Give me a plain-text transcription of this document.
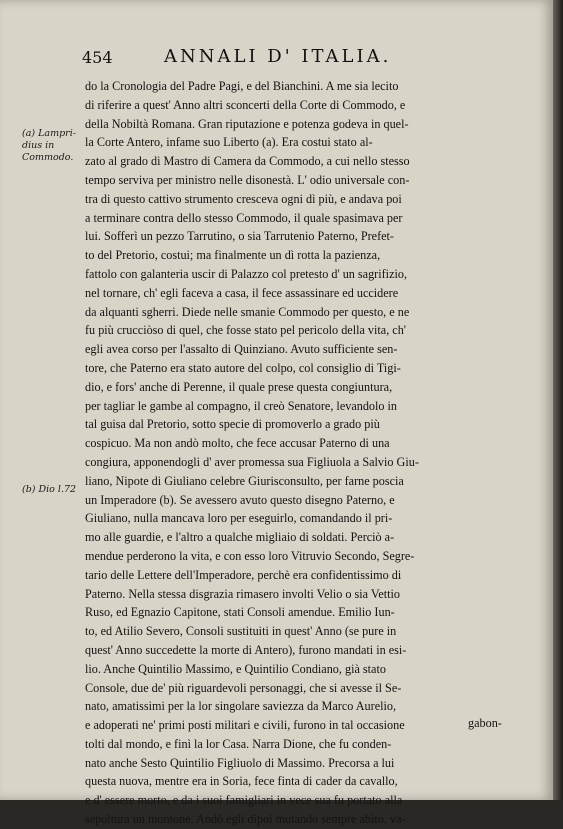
454	ANNALI D' ITALIA.
(a) Lampri-
dius in
Commodo.
(b) Dio l.72
do la Cronologia del Padre Pagi, e del Bianchini. A me sia lecito
di riferire a quest' Anno altri sconcerti della Corte di Commodo, e
della Nobiltà Romana. Gran riputazione e potenza godeva in quel-
la Corte Antero, infame suo Liberto (a). Era costui stato al-
zato al grado di Mastro di Camera da Commodo, a cui nello stesso
tempo serviva per ministro nelle disonestà. L' odio universale con-
tra di questo cattivo strumento cresceva ogni dì più, e andava poi
a terminare contra dello stesso Commodo, il quale spasimava per
lui. Sofferì un pezzo Tarrutino, o sia Tarrutenio Paterno, Prefet-
to del Pretorio, costui; ma finalmente un dì rotta la pazienza,
fattolo con galanteria uscir di Palazzo col pretesto d' un sagrifizio,
nel tornare, ch' egli faceva a casa, il fece assassinare ed uccidere
da alquanti sgherri. Diede nelle smanie Commodo per questo, e ne
fu più crucciòso di quel, che fosse stato pel pericolo della vita, ch'
egli avea corso per l'assalto di Quinziano. Avuto sufficiente sen-
tore, che Paterno era stato autore del colpo, col consiglio di Tigi-
dio, e fors' anche di Perenne, il quale prese questa congiuntura,
per tagliar le gambe al compagno, il creò Senatore, levandolo in
tal guisa dal Pretorio, sotto specie di promoverlo a grado più
cospicuo. Ma non andò molto, che fece accusar Paterno di una
congiura, apponendogli d' aver promessa sua Figliuola a Salvio Giu-
liano, Nipote di Giuliano celebre Giurisconsulto, per farne poscia
un Imperadore (b). Se avessero avuto questo disegno Paterno, e
Giuliano, nulla mancava loro per eseguirlo, comandando il pri-
mo alle guardie, e l'altro a qualche migliaio di soldati. Perciò a-
mendue perderono la vita, e con esso loro Vitruvio Secondo, Segre-
tario delle Lettere dell'Imperadore, perchè era confidentissimo di
Paterno. Nella stessa disgrazia rimasero involti Velio o sia Vettio
Ruso, ed Egnazio Capitone, stati Consoli amendue. Emilio Iun-
to, ed Atilio Severo, Consoli sustituiti in quest' Anno (se pure in
quest' Anno succedette la morte di Antero), furono mandati in esi-
lio. Anche Quintilio Massimo, e Quintilio Condiano, già stato
Console, due de' più riguardevoli personaggi, che si avesse il Se-
nato, amatissimi per la lor singolare saviezza da Marco Aurelio,
e adoperati ne' primi posti militari e civili, furono in tal occasione
tolti dal mondo, e finì la lor Casa. Narra Dione, che fu conden-
nato anche Sesto Quintilio Figliuolo di Massimo. Precorsa a lui
questa nuova, mentre era in Soria, fece finta di cader da cavallo,
e d' essere morto, e da i suoi famigliari in vece sua fu portato alla
sepoltura un montone. Andò egli dipoi mutando sempre abito, va-
gabon-
